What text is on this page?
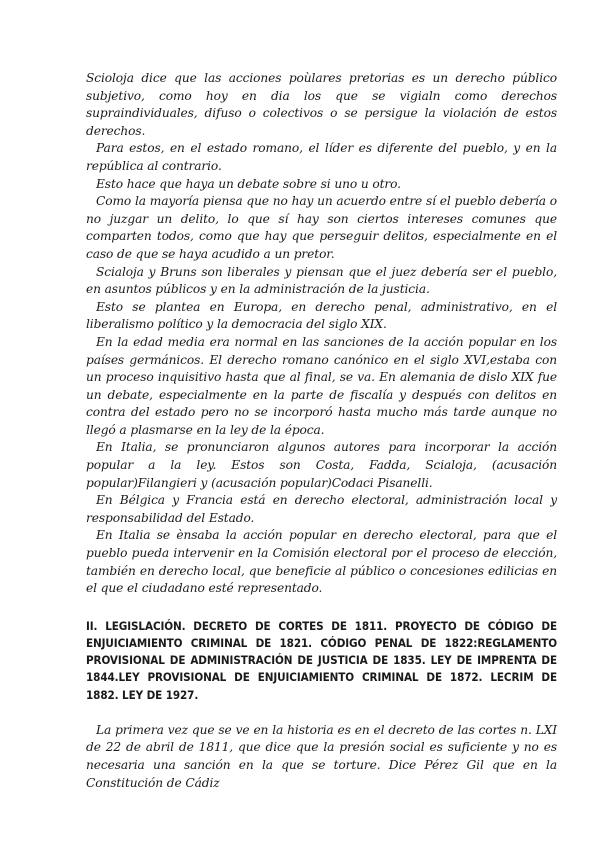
Scioloja dice que las acciones poùlares pretorias es un derecho público subjetivo, como hoy en dia los que se vigialn como derechos supraindividuales, difuso o colectivos o se persigue la violación de estos derechos.

Para estos, en el estado romano, el líder es diferente del pueblo, y en la república al contrario.

Esto hace que haya un debate sobre si uno u otro.

Como la mayoría piensa que no hay un acuerdo entre sí el pueblo debería o no juzgar un delito, lo que sí hay son ciertos intereses comunes que comparten todos, como que hay que perseguir delitos, especialmente en el caso de que se haya acudido a un pretor.

Scialoja y Bruns son liberales y piensan que el juez debería ser el pueblo, en asuntos públicos y en la administración de la justicia.

Esto se plantea en Europa, en derecho penal, administrativo, en el liberalismo político y la democracia del siglo XIX.

En la edad media era normal en las sanciones de la acción popular en los países germánicos. El derecho romano canónico en el siglo XVI,estaba con un proceso inquisitivo hasta que al final, se va. En alemania de dislo XIX fue un debate, especialmente en la parte de fiscalía y después con delitos en contra del estado pero no se incorporó hasta mucho más tarde aunque no llegó a plasmarse en la ley de la época.

En Italia, se pronunciaron algunos autores para incorporar la acción popular a la ley. Estos son Costa, Fadda, Scialoja, (acusación popular)Filangieri y (acusación popular)Codaci Pisanelli.

En Bélgica y Francia está en derecho electoral, administración local y responsabilidad del Estado.

En Italia se ènsaba la acción popular en derecho electoral, para que el pueblo pueda intervenir en la Comisión electoral por el proceso de elección, también en derecho local, que beneficie al público o concesiones edilicias en el que el ciudadano esté representado.

II. LEGISLACIÓN. DECRETO DE CORTES DE 1811. PROYECTO DE CÓDIGO DE ENJUICIAMIENTO CRIMINAL DE 1821. CÓDIGO PENAL DE 1822:REGLAMENTO PROVISIONAL DE ADMINISTRACIÓN DE JUSTICIA DE 1835. LEY DE IMPRENTA DE 1844.LEY PROVISIONAL DE ENJUICIAMIENTO CRIMINAL DE 1872. LECRIM DE 1882. LEY DE 1927.

La primera vez que se ve en la historia es en el decreto de las cortes n. LXI de 22 de abril de 1811, que dice que la presión social es suficiente y no es necesaria una sanción en la que se torture. Dice Pérez Gil que en la Constitución de Cádiz
